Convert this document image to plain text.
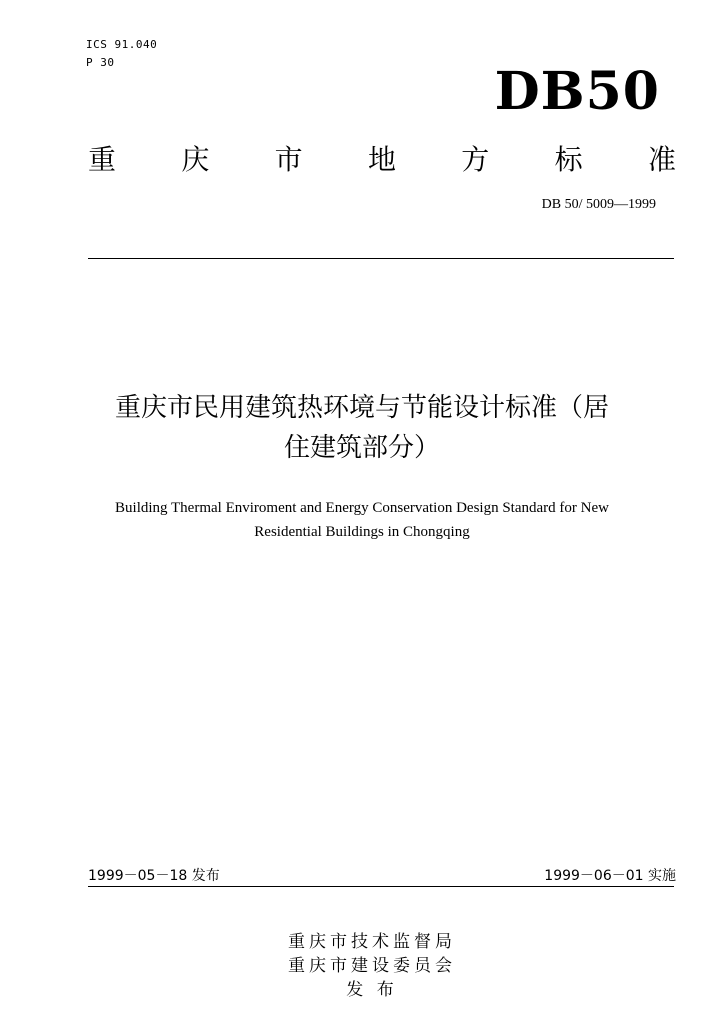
ICS 91.040
P 30	DB50
重 庆 市 地 方 标 准
DB 50/ 5009—1999
重庆市民用建筑热环境与节能设计标准（居
住建筑部分）
Building Thermal Enviroment and Energy Conservation Design Standard for New
Residential Buildings in Chongqing
1999－05－18 发布	1999－06－01 实施
重庆市技术监督局
重庆市建设委员会
发 布
